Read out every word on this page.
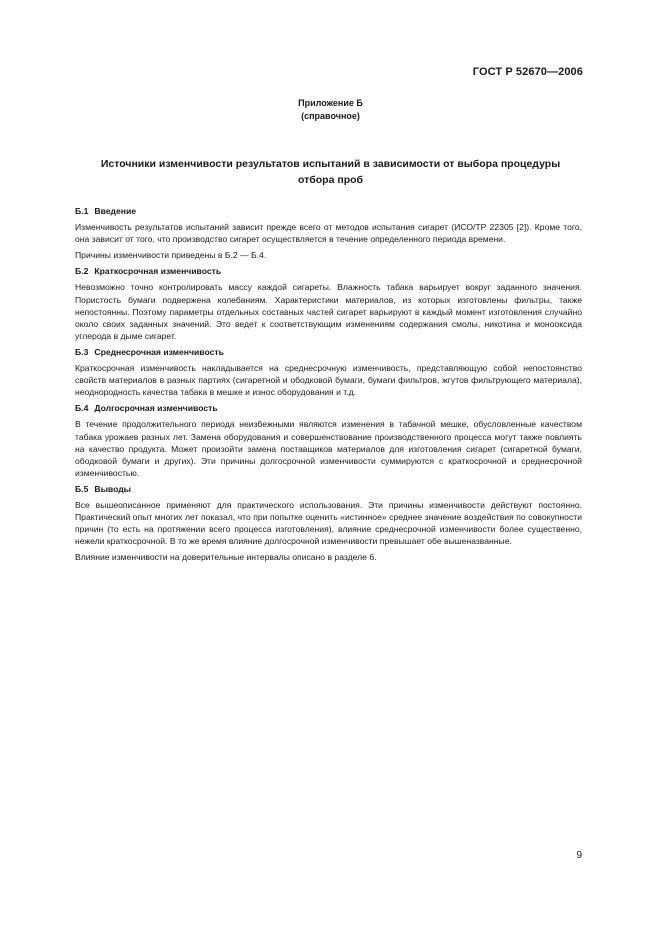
ГОСТ Р 52670—2006
Приложение Б
(справочное)
Источники изменчивости результатов испытаний в зависимости от выбора процедуры
отбора проб
Б.1 Введение

Изменчивость результатов испытаний зависит прежде всего от методов испытания сигарет (ИСО/ТР 22305 [2]). Кроме того, она зависит от того, что производство сигарет осуществляется в течение определенного периода времени.

Причины изменчивости приведены в Б.2 — Б.4.

Б.2 Краткосрочная изменчивость

Невозможно точно контролировать массу каждой сигареты. Влажность табака варьирует вокруг заданного значения. Пористость бумаги подвержена колебаниям. Характеристики материалов, из которых изготовлены фильтры, также непостоянны. Поэтому параметры отдельных составных частей сигарет варьируют в каждый момент изготовления случайно около своих заданных значений. Это ведет к соответствующим изменениям содержания смолы, никотина и монооксида углерода в дыме сигарет.

Б.3 Среднесрочная изменчивость

Краткосрочная изменчивость накладывается на среднесрочную изменчивость, представляющую собой непостоянство свойств материалов в разных партиях (сигаретной и ободковой бумаги, бумаги фильтров, жгутов фильтрующего материала), неоднородность качества табака в мешке и износ оборудования и т.д.

Б.4 Долгосрочная изменчивость

В течение продолжительного периода неизбежными являются изменения в табачной мешке, обусловленные качеством табака урожаев разных лет. Замена оборудования и совершенствование производственного процесса могут также повлиять на качество продукта. Может произойти замена поставщиков материалов для изготовления сигарет (сигаретной бумаги, ободковой бумаги и других). Эти причины долгосрочной изменчивости суммируются с краткосрочной и среднесрочной изменчивостью.

Б.5 Выводы

Все вышеописанное применяют для практического использования. Эти причины изменчивости действуют постоянно. Практический опыт многих лет показал, что при попытке оценить «истинное» среднее значение воздействия по совокупности причин (то есть на протяжении всего процесса изготовления), влияние среднесрочной изменчивости более существенно, нежели краткосрочной. В то же время влияние долгосрочной изменчивости превышает обе вышеназванные.

Влияние изменчивости на доверительные интервалы описано в разделе 6.

9
